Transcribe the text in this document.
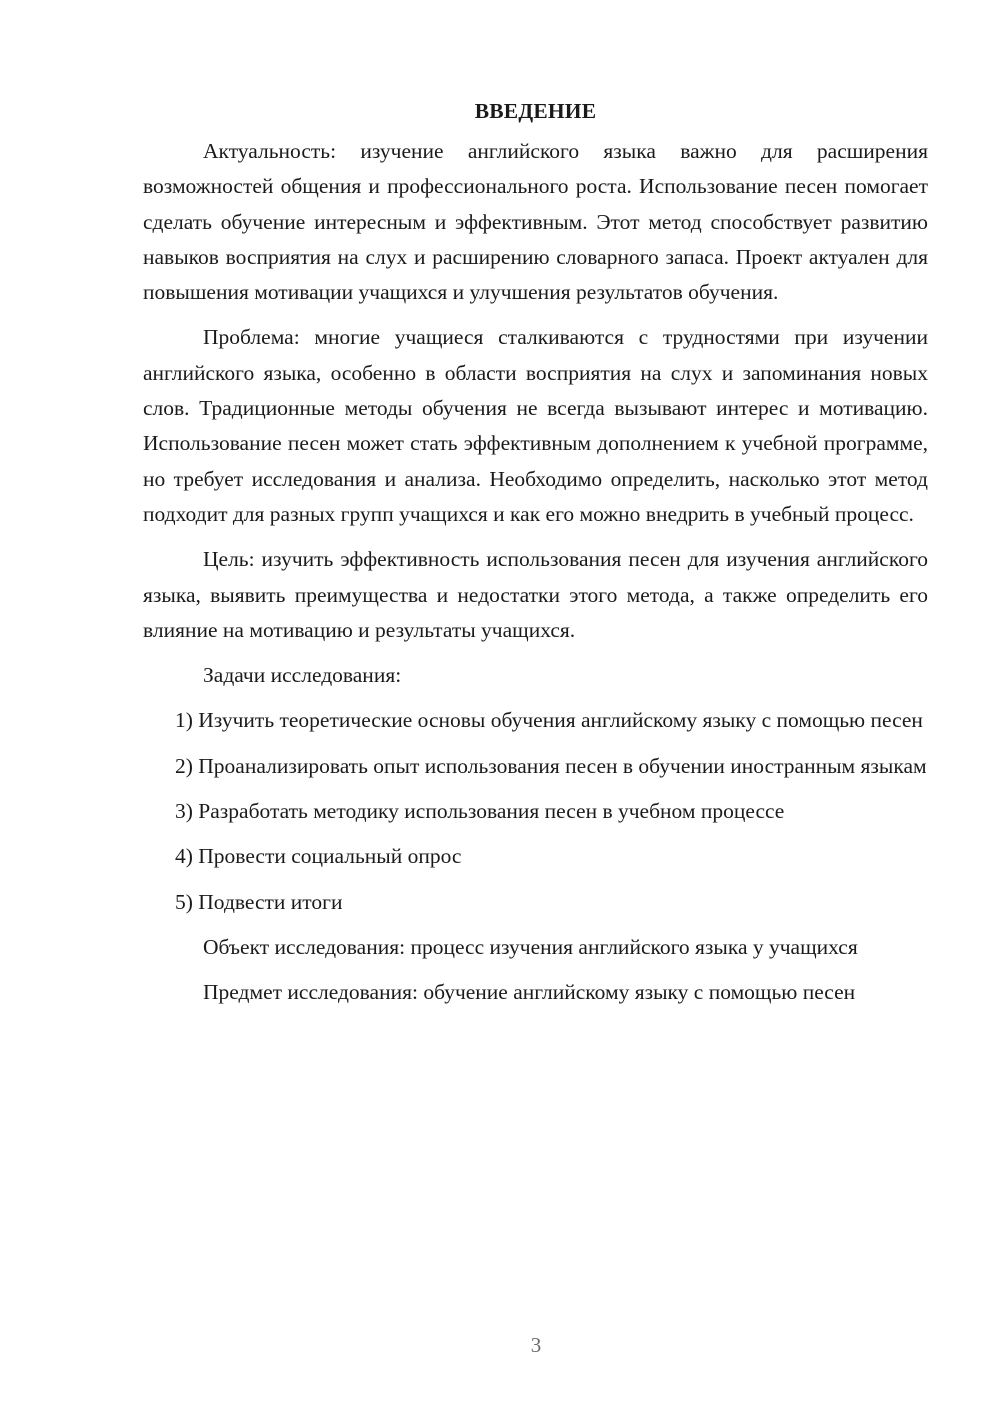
ВВЕДЕНИЕ

Актуальность: изучение английского языка важно для расширения возможностей общения и профессионального роста. Использование песен помогает сделать обучение интересным и эффективным. Этот метод способствует развитию навыков восприятия на слух и расширению словарного запаса. Проект актуален для повышения мотивации учащихся и улучшения результатов обучения.

Проблема: многие учащиеся сталкиваются с трудностями при изучении английского языка, особенно в области восприятия на слух и запоминания новых слов. Традиционные методы обучения не всегда вызывают интерес и мотивацию. Использование песен может стать эффективным дополнением к учебной программе, но требует исследования и анализа. Необходимо определить, насколько этот метод подходит для разных групп учащихся и как его можно внедрить в учебный процесс.

Цель: изучить эффективность использования песен для изучения английского языка, выявить преимущества и недостатки этого метода, а также определить его влияние на мотивацию и результаты учащихся.

Задачи исследования:

1) Изучить теоретические основы обучения английскому языку с помощью песен

2) Проанализировать опыт использования песен в обучении иностранным языкам

3) Разработать методику использования песен в учебном процессе

4) Провести социальный опрос

5) Подвести итоги

Объект исследования: процесс изучения английского языка у учащихся

Предмет исследования: обучение английскому языку с помощью песен

3
